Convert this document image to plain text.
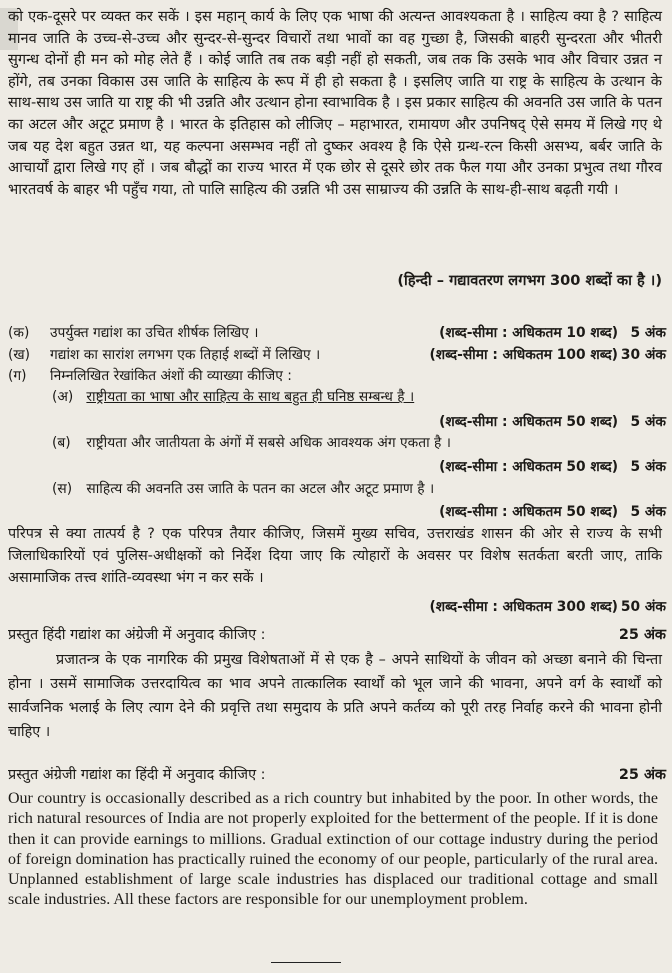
को एक-दूसरे पर व्यक्त कर सकें । इस महान् कार्य के लिए एक भाषा की अत्यन्त आवश्यकता है । साहित्य क्या है ? साहित्य मानव जाति के उच्च-से-उच्च और सुन्दर-से-सुन्दर विचारों तथा भावों का वह गुच्छा है, जिसकी बाहरी सुन्दरता और भीतरी सुगन्ध दोनों ही मन को मोह लेते हैं । कोई जाति तब तक बड़ी नहीं हो सकती, जब तक कि उसके भाव और विचार उन्नत न होंगे, तब उनका विकास उस जाति के साहित्य के रूप में ही हो सकता है । इसलिए जाति या राष्ट्र के साहित्य के उत्थान के साथ-साथ उस जाति या राष्ट्र की भी उन्नति और उत्थान होना स्वाभाविक है । इस प्रकार साहित्य की अवनति उस जाति के पतन का अटल और अटूट प्रमाण है । भारत के इतिहास को लीजिए – महाभारत, रामायण और उपनिषद् ऐसे समय में लिखे गए थे जब यह देश बहुत उन्नत था, यह कल्पना असम्भव नहीं तो दुष्कर अवश्य है कि ऐसे ग्रन्थ-रत्न किसी असभ्य, बर्बर जाति के आचार्यों द्वारा लिखे गए हों । जब बौद्धों का राज्य भारत में एक छोर से दूसरे छोर तक फैल गया और उनका प्रभुत्व तथा गौरव भारतवर्ष के बाहर भी पहुँच गया, तो पालि साहित्य की उन्नति भी उस साम्राज्य की उन्नति के साथ-ही-साथ बढ़ती गयी ।

(हिन्दी – गद्यावतरण लगभग 300 शब्दों का है ।)
(क)	उपर्युक्त गद्यांश का उचित शीर्षक लिखिए ।	(शब्द-सीमा : अधिकतम 10 शब्द) 5 अंक
(ख)	गद्यांश का सारांश लगभग एक तिहाई शब्दों में लिखिए ।	(शब्द-सीमा : अधिकतम 100 शब्द) 30 अंक
(ग)	निम्नलिखित रेखांकित अंशों की व्याख्या कीजिए :
(अ) राष्ट्रीयता का भाषा और साहित्य के साथ बहुत ही घनिष्ठ सम्बन्ध है ।
(शब्द-सीमा : अधिकतम 50 शब्द) 5 अंक
(ब) राष्ट्रीयता और जातीयता के अंगों में सबसे अधिक आवश्यक अंग एकता है ।
(शब्द-सीमा : अधिकतम 50 शब्द) 5 अंक
(स) साहित्य की अवनति उस जाति के पतन का अटल और अटूट प्रमाण है ।
(शब्द-सीमा : अधिकतम 50 शब्द) 5 अंक

परिपत्र से क्या तात्पर्य है ? एक परिपत्र तैयार कीजिए, जिसमें मुख्य सचिव, उत्तराखंड शासन की ओर से राज्य के सभी जिलाधिकारियों एवं पुलिस-अधीक्षकों को निर्देश दिया जाए कि त्योहारों के अवसर पर विशेष सतर्कता बरती जाए, ताकि असामाजिक तत्त्व शांति-व्यवस्था भंग न कर सकें ।

(शब्द-सीमा : अधिकतम 300 शब्द) 50 अंक
प्रस्तुत हिंदी गद्यांश का अंग्रेजी में अनुवाद कीजिए :	25 अंक

प्रजातन्त्र के एक नागरिक की प्रमुख विशेषताओं में से एक है – अपने साथियों के जीवन को अच्छा बनाने की चिन्ता होना । उसमें सामाजिक उत्तरदायित्व का भाव अपने तात्कालिक स्वार्थों को भूल जाने की भावना, अपने वर्ग के स्वार्थों को सार्वजनिक भलाई के लिए त्याग देने की प्रवृत्ति तथा समुदाय के प्रति अपने कर्तव्य को पूरी तरह निर्वाह करने की भावना होनी चाहिए ।

प्रस्तुत अंग्रेजी गद्यांश का हिंदी में अनुवाद कीजिए :	25 अंक

Our country is occasionally described as a rich country but inhabited by the poor. In other words, the rich natural resources of India are not properly exploited for the betterment of the people. If it is done then it can provide earnings to millions. Gradual extinction of our cottage industry during the period of foreign domination has practically ruined the economy of our people, particularly of the rural area. Unplanned establishment of large scale industries has displaced our traditional cottage and small scale industries. All these factors are responsible for our unemployment problem.
